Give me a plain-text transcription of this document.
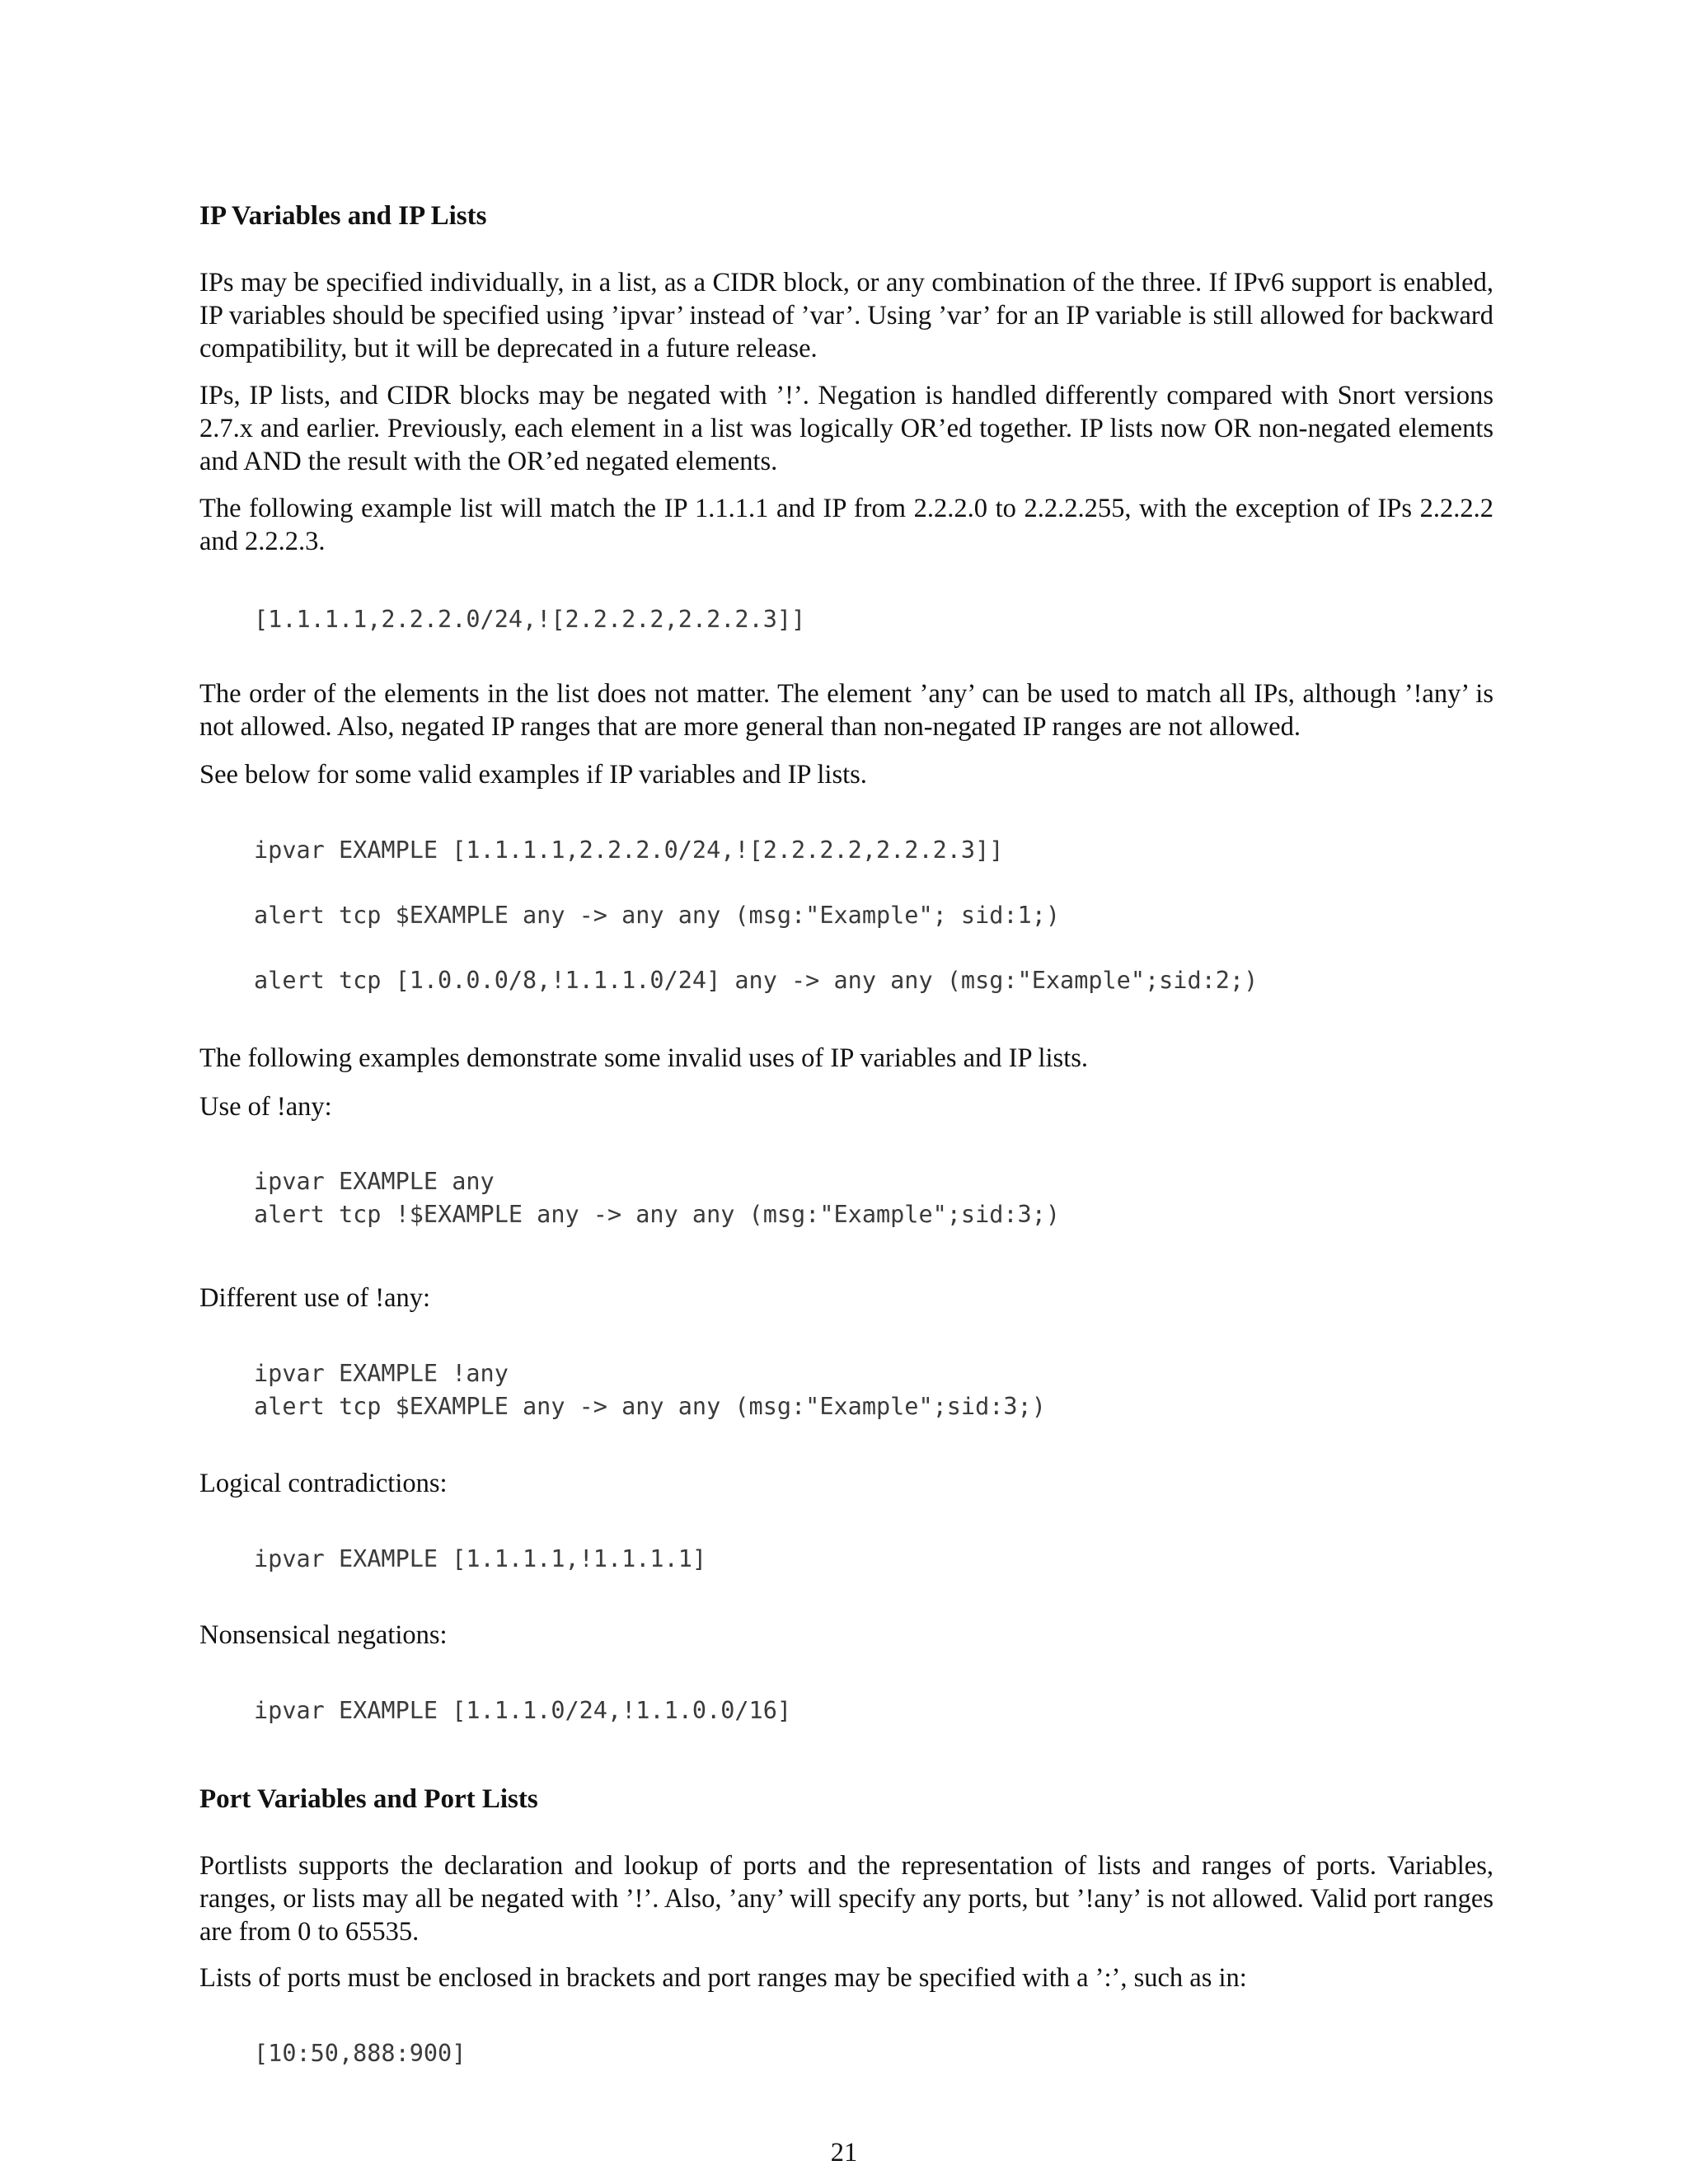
IP Variables and IP Lists

IPs may be specified individually, in a list, as a CIDR block, or any combination of the three. If IPv6 support is enabled, IP variables should be specified using ’ipvar’ instead of ’var’. Using ’var’ for an IP variable is still allowed for backward compatibility, but it will be deprecated in a future release.

IPs, IP lists, and CIDR blocks may be negated with ’!’. Negation is handled differently compared with Snort versions 2.7.x and earlier. Previously, each element in a list was logically OR’ed together. IP lists now OR non-negated elements and AND the result with the OR’ed negated elements.

The following example list will match the IP 1.1.1.1 and IP from 2.2.2.0 to 2.2.2.255, with the exception of IPs 2.2.2.2 and 2.2.2.3.

[1.1.1.1,2.2.2.0/24,![2.2.2.2,2.2.2.3]]

The order of the elements in the list does not matter. The element ’any’ can be used to match all IPs, although ’!any’ is not allowed. Also, negated IP ranges that are more general than non-negated IP ranges are not allowed.

See below for some valid examples if IP variables and IP lists.

ipvar EXAMPLE [1.1.1.1,2.2.2.0/24,![2.2.2.2,2.2.2.3]]
alert tcp $EXAMPLE any -> any any (msg:"Example"; sid:1;)
alert tcp [1.0.0.0/8,!1.1.1.0/24] any -> any any (msg:"Example";sid:2;)

The following examples demonstrate some invalid uses of IP variables and IP lists.

Use of !any:

ipvar EXAMPLE any
alert tcp !$EXAMPLE any -> any any (msg:"Example";sid:3;)

Different use of !any:

ipvar EXAMPLE !any
alert tcp $EXAMPLE any -> any any (msg:"Example";sid:3;)

Logical contradictions:

ipvar EXAMPLE [1.1.1.1,!1.1.1.1]

Nonsensical negations:

ipvar EXAMPLE [1.1.1.0/24,!1.1.0.0/16]
Port Variables and Port Lists

Portlists supports the declaration and lookup of ports and the representation of lists and ranges of ports. Variables, ranges, or lists may all be negated with ’!’. Also, ’any’ will specify any ports, but ’!any’ is not allowed. Valid port ranges are from 0 to 65535.

Lists of ports must be enclosed in brackets and port ranges may be specified with a ’:’, such as in:

[10:50,888:900]

21
